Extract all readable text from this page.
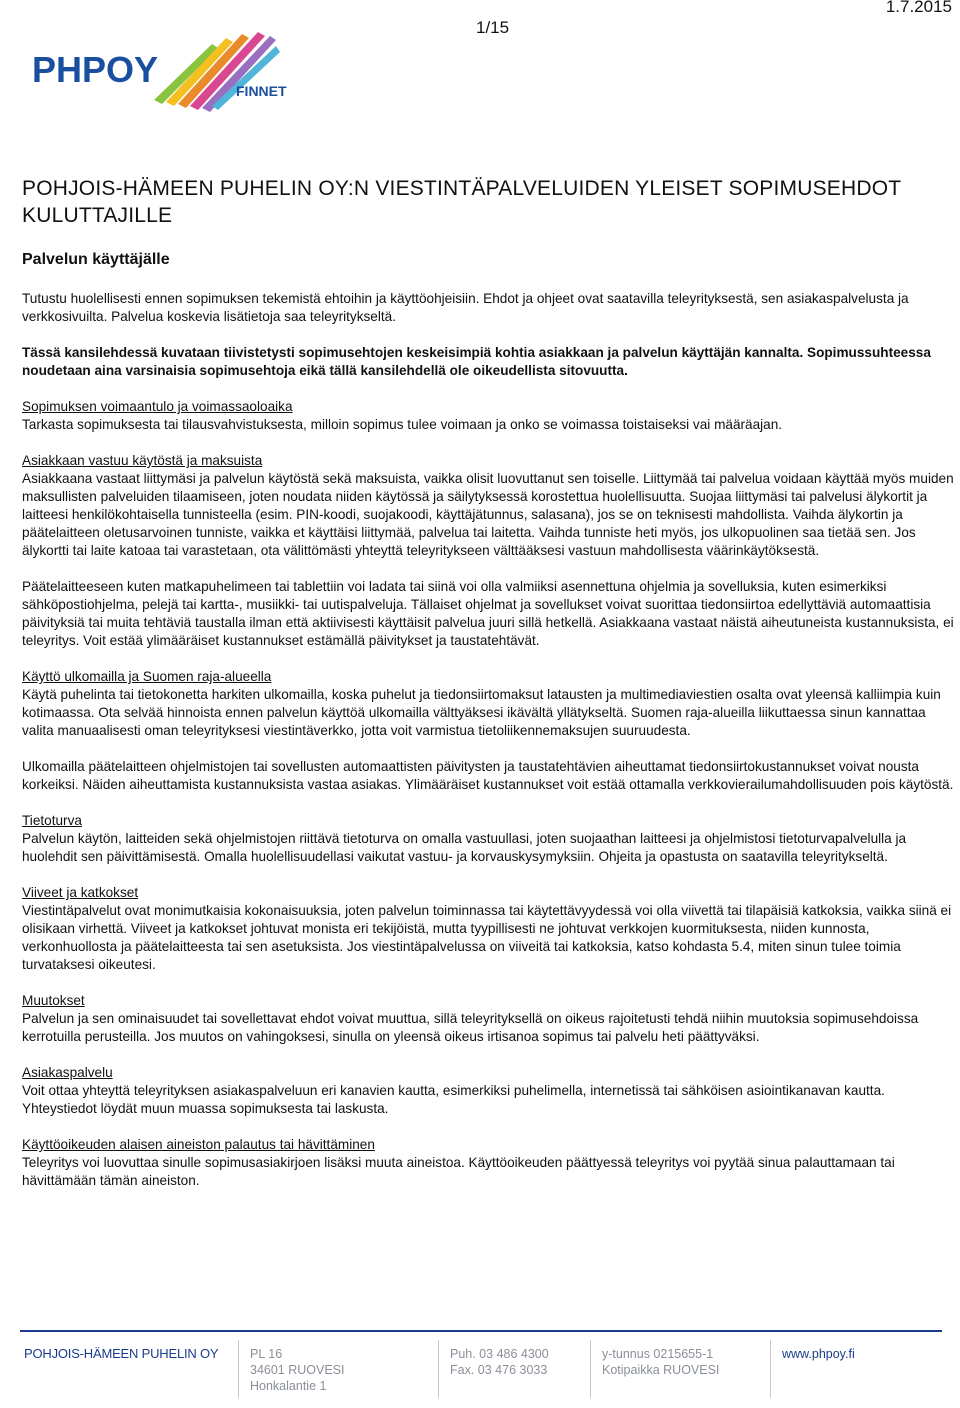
1/15
1.7.2015
PHPOY
FINNET
POHJOIS-HÄMEEN PUHELIN OY:N VIESTINTÄPALVELUIDEN YLEISET SOPIMUSEHDOT KULUTTAJILLE
Palvelun käyttäjälle

Tutustu huolellisesti ennen sopimuksen tekemistä ehtoihin ja käyttöohjeisiin. Ehdot ja ohjeet ovat saatavilla teleyrityksestä, sen asiakaspalvelusta ja verkkosivuilta. Palvelua koskevia lisätietoja saa teleyritykseltä.

Tässä kansilehdessä kuvataan tiivistetysti sopimusehtojen keskeisimpiä kohtia asiakkaan ja palvelun käyttäjän kannalta. Sopimussuhteessa noudetaan aina varsinaisia sopimusehtoja eikä tällä kansilehdellä ole oikeudellista sitovuutta.

Sopimuksen voimaantulo ja voimassaoloaika

Tarkasta sopimuksesta tai tilausvahvistuksesta, milloin sopimus tulee voimaan ja onko se voimassa toistaiseksi vai määräajan.

Asiakkaan vastuu käytöstä ja maksuista

Asiakkaana vastaat liittymäsi ja palvelun käytöstä sekä maksuista, vaikka olisit luovuttanut sen toiselle. Liittymää tai palvelua voidaan käyttää myös muiden maksullisten palveluiden tilaamiseen, joten noudata niiden käytössä ja säilytyksessä korostettua huolellisuutta. Suojaa liittymäsi tai palvelusi älykortit ja laitteesi henkilökohtaisella tunnisteella (esim. PIN-koodi, suojakoodi, käyttäjätunnus, salasana), jos se on teknisesti mahdollista. Vaihda älykortin ja päätelaitteen oletusarvoinen tunniste, vaikka et käyttäisi liittymää, palvelua tai laitetta. Vaihda tunniste heti myös, jos ulkopuolinen saa tietää sen. Jos älykortti tai laite katoaa tai varastetaan, ota välittömästi yhteyttä teleyritykseen välttääksesi vastuun mahdollisesta väärinkäytöksestä.

Päätelaitteeseen kuten matkapuhelimeen tai tablettiin voi ladata tai siinä voi olla valmiiksi asennettuna ohjelmia ja sovelluksia, kuten esimerkiksi sähköpostiohjelma, pelejä tai kartta-, musiikki- tai uutispalveluja. Tällaiset ohjelmat ja sovellukset voivat suorittaa tiedonsiirtoa edellyttäviä automaattisia päivityksiä tai muita tehtäviä taustalla ilman että aktiivisesti käyttäisit palvelua juuri sillä hetkellä. Asiakkaana vastaat näistä aiheutuneista kustannuksista, ei teleyritys. Voit estää ylimääräiset kustannukset estämällä päivitykset ja taustatehtävät.

Käyttö ulkomailla ja Suomen raja-alueella

Käytä puhelinta tai tietokonetta harkiten ulkomailla, koska puhelut ja tiedonsiirtomaksut latausten ja multimediaviestien osalta ovat yleensä kalliimpia kuin kotimaassa. Ota selvää hinnoista ennen palvelun käyttöä ulkomailla välttyäksesi ikävältä yllätykseltä. Suomen raja-alueilla liikuttaessa sinun kannattaa valita manuaalisesti oman teleyrityksesi viestintäverkko, jotta voit varmistua tietoliikennemaksujen suuruudesta.

Ulkomailla päätelaitteen ohjelmistojen tai sovellusten automaattisten päivitysten ja taustatehtävien aiheuttamat tiedonsiirtokustannukset voivat nousta korkeiksi. Näiden aiheuttamista kustannuksista vastaa asiakas. Ylimääräiset kustannukset voit estää ottamalla verkkovierailumahdollisuuden pois käytöstä.

Tietoturva

Palvelun käytön, laitteiden sekä ohjelmistojen riittävä tietoturva on omalla vastuullasi, joten suojaathan laitteesi ja ohjelmistosi tietoturvapalvelulla ja huolehdit sen päivittämisestä. Omalla huolellisuudellasi vaikutat vastuu- ja korvauskysymyksiin. Ohjeita ja opastusta on saatavilla teleyritykseltä.

Viiveet ja katkokset

Viestintäpalvelut ovat monimutkaisia kokonaisuuksia, joten palvelun toiminnassa tai käytettävyydessä voi olla viivettä tai tilapäisiä katkoksia, vaikka siinä ei olisikaan virhettä. Viiveet ja katkokset johtuvat monista eri tekijöistä, mutta tyypillisesti ne johtuvat verkkojen kuormituksesta, niiden kunnosta, verkonhuollosta ja päätelaitteesta tai sen asetuksista. Jos viestintäpalvelussa on viiveitä tai katkoksia, katso kohdasta 5.4, miten sinun tulee toimia turvataksesi oikeutesi.

Muutokset

Palvelun ja sen ominaisuudet tai sovellettavat ehdot voivat muuttua, sillä teleyrityksellä on oikeus rajoitetusti tehdä niihin muutoksia sopimusehdoissa kerrotuilla perusteilla. Jos muutos on vahingoksesi, sinulla on yleensä oikeus irtisanoa sopimus tai palvelu heti päättyväksi.

Asiakaspalvelu

Voit ottaa yhteyttä teleyrityksen asiakaspalveluun eri kanavien kautta, esimerkiksi puhelimella, internetissä tai sähköisen asiointikanavan kautta. Yhteystiedot löydät muun muassa sopimuksesta tai laskusta.

Käyttöoikeuden alaisen aineiston palautus tai hävittäminen

Teleyritys voi luovuttaa sinulle sopimusasiakirjoen lisäksi muuta aineistoa. Käyttöoikeuden päättyessä teleyritys voi pyytää sinua palauttamaan tai hävittämään tämän aineiston.

POHJOIS-HÄMEEN PUHELIN OY	PL 16
34601 RUOVESI
Honkalantie 1
Puh. 03 486 4300
Fax. 03 476 3033
y-tunnus 0215655-1
Kotipaikka RUOVESI
www.phpoy.fi
